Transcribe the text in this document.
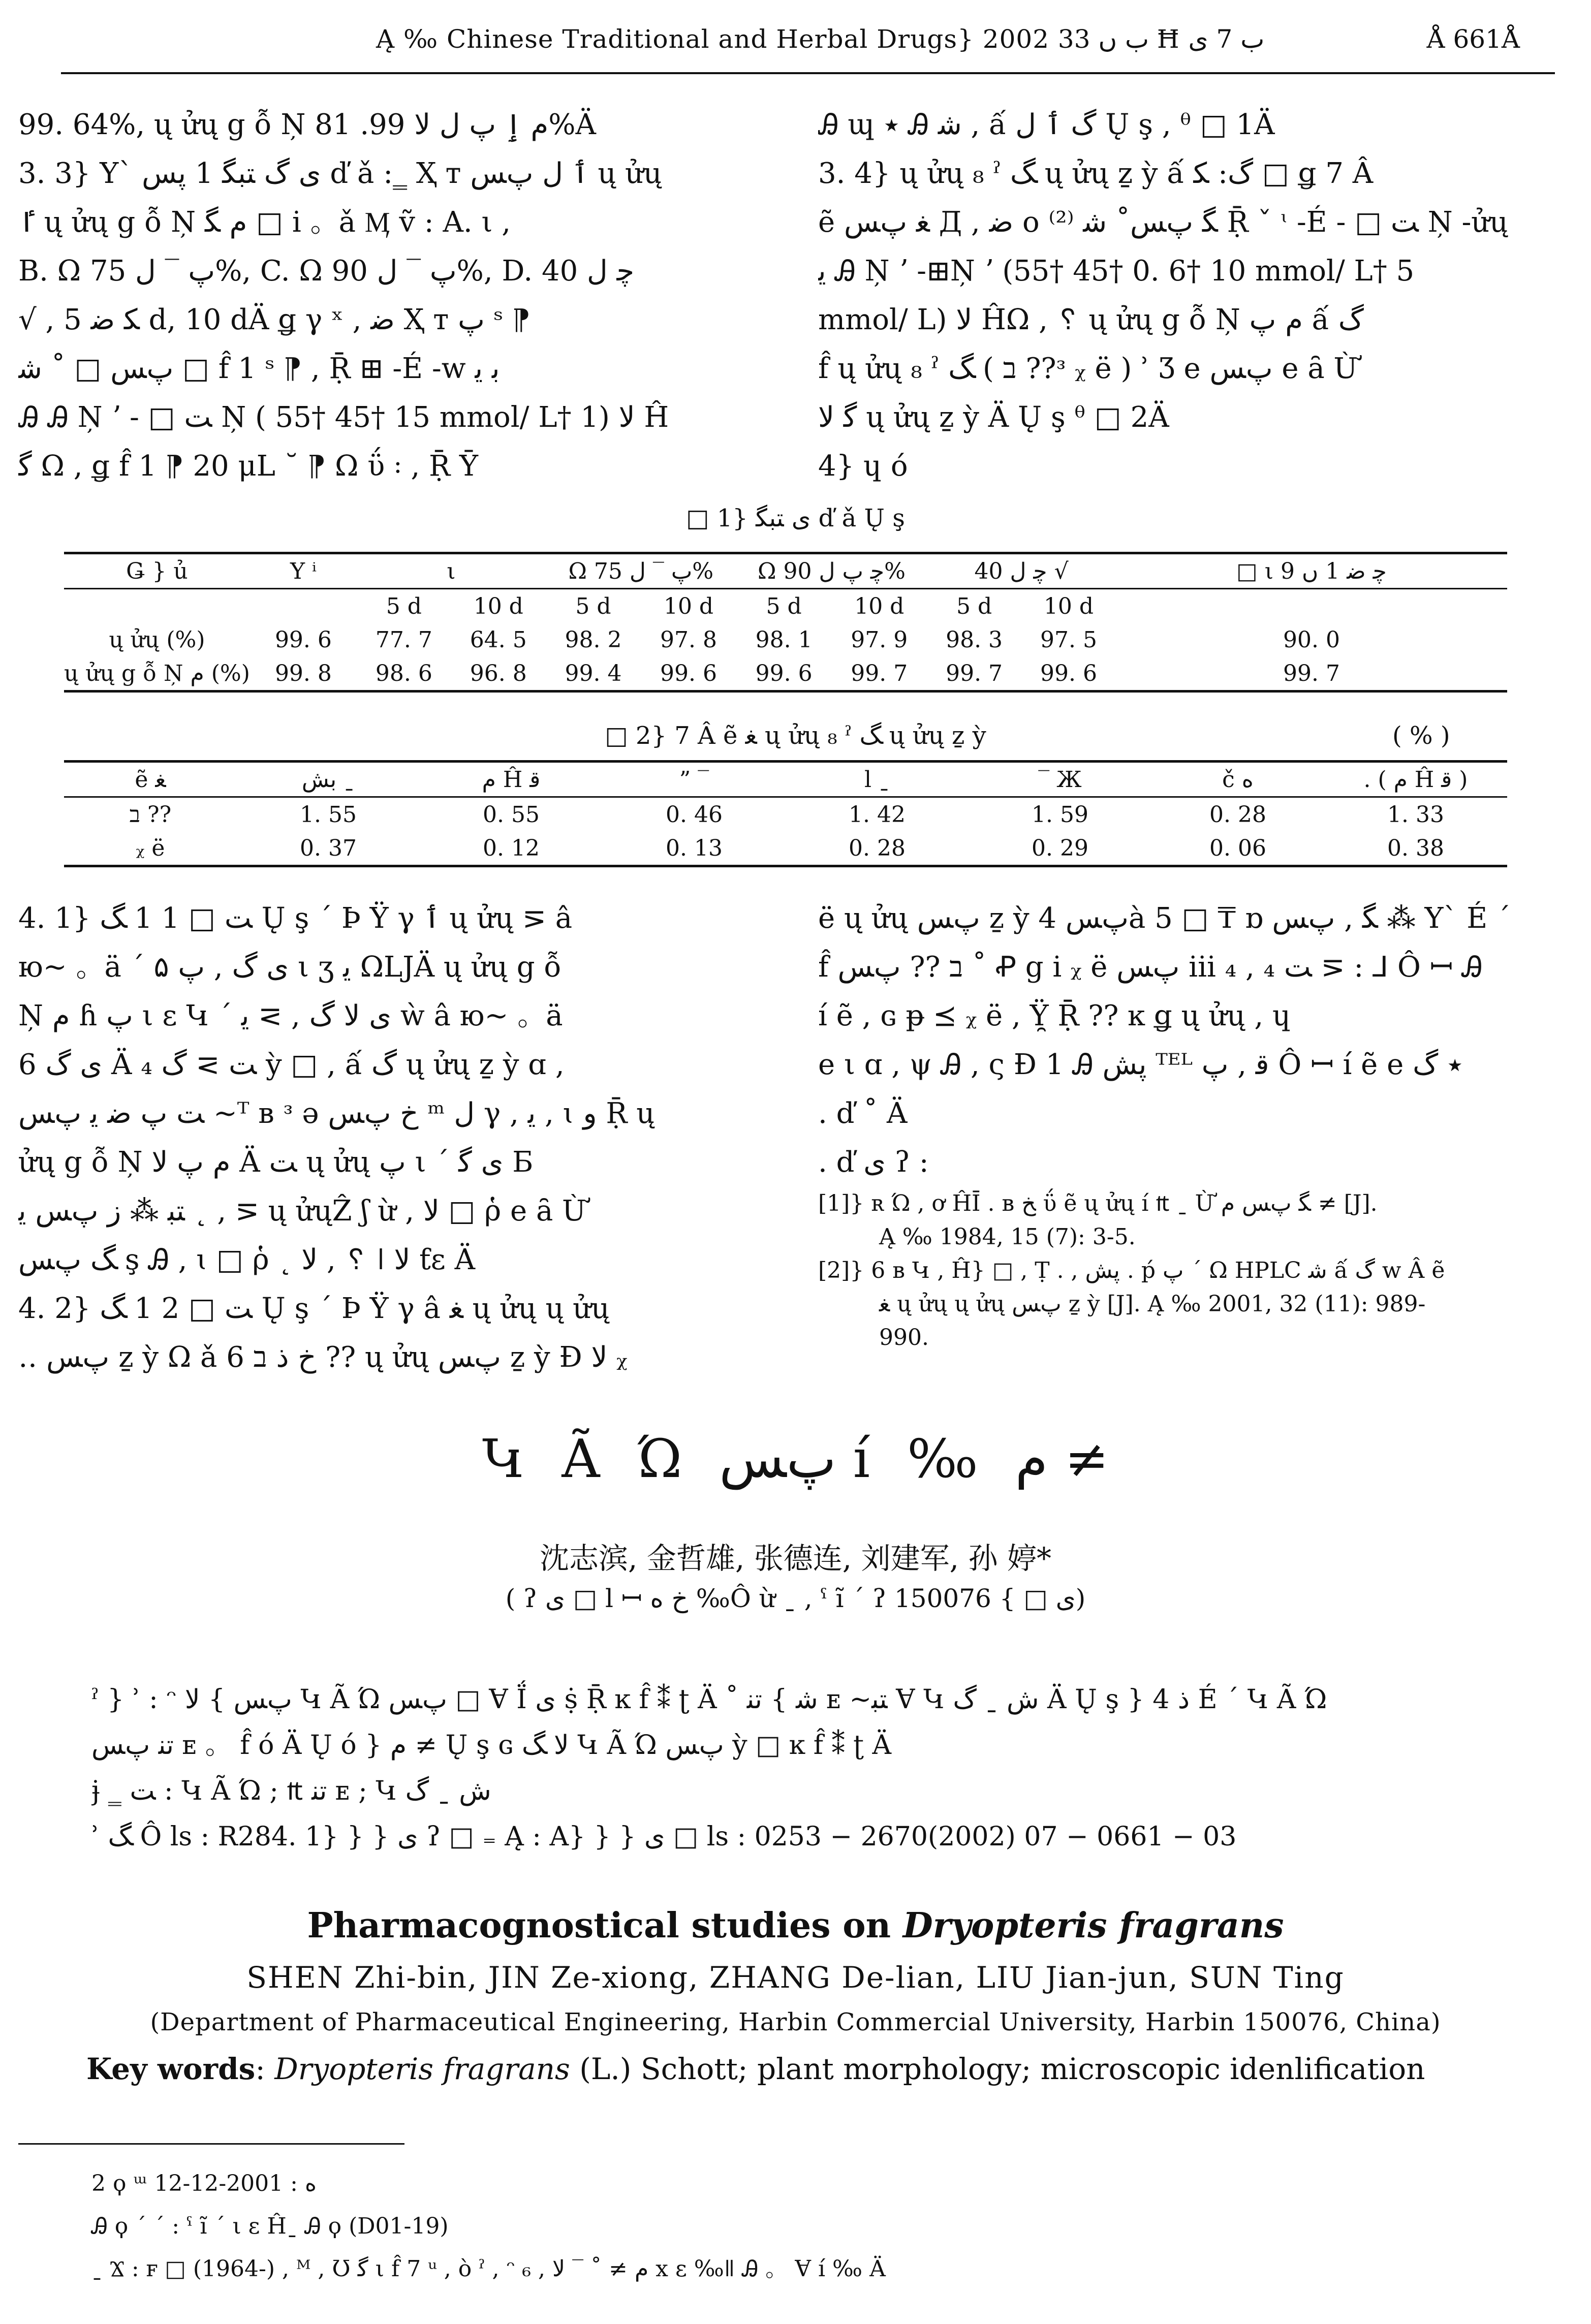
Ą ‰ Chinese Traditional and Herbal Drugs} 2002 ب ں 33 Ħ ب 7 ى	Å 661Å
99. 64%, ų ửų g ỗ Ņ م ٳ پ ل ﻻ 99. 81%Ä
3. 3} Y` ی گ ﺘﺒﮕ 1 ﭘﺲ ď ǎ :‗ Ҳ т ٲ ﻝ پﺲ ų ửų
ٵ ų ửų g ỗ Ņ م ﮕ □ і 。ǎ Ӎ ṽ : A. ι ,
B. Ω ﭖ ‾ ﻝ 75%, C. Ω ﭖ ‾ ﻝ 90%, D. ﭼ ﻝ 40
√ , ﮑ ﺿ 5 d, 10 dÄ ǥ γ ˣ , ﺿ Ҳ т ﭖ ˢ ⁋
پﺲ □ ˚ ﺷ □ f̂ 1 ˢ ⁋ , Ṝ ⊞ ‑É ‑w ﺑ ﻳ
Ꭿ Ꭿ Ņ ʼ ‑ □ ﺖ Ņ ( 55† 45† 15 mmol/ L† 1) ﻻ Ĥ
ﮔ Ω , ǥ f̂ 1 ⁋ 20 μL ˘ ⁋ Ω ΰ ꞉ , Ṝ Ȳ
Ꭿ ɰ ٭ Ꭿ ﺷ , ấ گ ٲ ﻝ Ų ş , ᶿ □ 1Ä
3. 4} ų ửų ₈ ˀ ﮓ ų ửų ẕ ỳ ấ گ: ﮑ □ ǥ 7 Â
ẽ ﻐ پﺲ Д , ﺿ ο ﮕ پﺲ˚ ﺷ ⁽²⁾ Ṝ ˇ ᶥ ‑É ‑ □ ﺖ Ņ ‑ửų
ﻳ Ꭿ Ņ ʼ ‑⊞Ņ ʼ (55† 45† 0. 6† 10 mmol/ L† 5
mmol/ L) ﻻ ĤΩ , ␦ ų ửų g ỗ Ņ م ﭖ ấ گ
f̂ ų ửų ₈ ˀ ﮓ ( ב ??ᶟ ᵪ ë ) ʾ Ʒ e پﺲ e ȃ Ừ
ﮔ ﻻ ų ửų ẕ ỳ Ä Ų ş ᶿ □ 2Ä
4} ɥ ό
□ 1} ی ﺘﺒﮕ ď ǎ Ų ş
Ǥ } ủ	Y ⁱ	ι		Ω ﭖ ‾ ﻝ 75%		Ω ﭼ ﭖ ﻝ 90%		ﭼ ﻝ 40 √		□ ι 9 ﭼ ﺿ 1 ں
		5 d	10 d	5 d	10 d	5 d	10 d	5 d	10 d	
ų ửų (%)	99. 6	77. 7	64. 5	98. 2	97. 8	98. 1	97. 9	98. 3	97. 5	90. 0
ų ửų g ỗ Ņ م (%)	99. 8	98. 6	96. 8	99. 4	99. 6	99. 6	99. 7	99. 7	99. 6	99. 7
□ 2} 7 Â ẽ ﻐ ų ửų ₈ ˀ ﮓ ų ửų ẕ ỳ	( % )
ẽ ﻐ	ﺑﺶ ˍ	ﻡ Ĥ ﻗ	” ‾	l ˍ	‾ Ж	č ﻩ	. ( ﻡ Ĥ ﻗ )
ב ??	1. 55	0. 55	0. 46	1. 42	1. 59	0. 28	1. 33
ᵪ ë	0. 37	0. 12	0. 13	0. 28	0. 29	0. 06	0. 38
4. 1} ﺖ □ 1 1 ﮓ Ų ş ˊ Þ Ÿ γ ٲ ų ửų ⋝ â
ю~ 。ä ˊ ۵ ی گ , ﭖ ι ʒ ﻳ ΩLJÄ ų ửų g ỗ
Ņ م ɦ ﭖ ι ɛ Կ ˊ ی ﻻ گ , ⋝ ﻳ ẁ â ю~ 。ä
6 ی گ Ä ₄ ﺖ ⋝ گ ỳ □ , ấ گ ų ửų ẕ ỳ ɑ ,
ﺖ ﭖ ﺿ ﻳ پﺲ ~ᵀ ʙ ᶟ ə ﺥ پﺲ ᵐ ﻝ γ , ﻳ , ɩ ﻭ Ṝ ų
ửų g ỗ Ņ م ﭖ ﻻ Ä ﺖ ų ửų ﭖ ι ˊ ی ﮔ Б
ﺘﺒ ⁂ ﺯ پﺲ ﻳ ˛ , ⋝ ų ửųẐ ʃ ừ , ﻻ □ ῥ e ȃ Ừ
ﮓ پﺲ ş Ꭿ , ɩ □ ῥ ˛ ﻻ , ␦ ǀ ﻻ ƭε Ä
4. 2} ﺖ □ 2 1 ﮓ Ų ş ˊ Þ Ÿ γ â ﻐ ų ửų ų ửų
‥ پﺲ ẕ ỳ Ω ǎ 6 ﺥ ﺫ ב ?? ų ửų پﺲ ẕ ỳ Ð ﻻ ᵪ
ë ų ửų پﺲ ẕ ỳ پﺲ 4à 5 □ ₸ ɒ ﮕ , پﺲ ⁂ Y` É ˊ
f̂ ב ?? پﺲ ˚ Ꝓ g і ᵪ ë پﺲ iii ₄ , ₄ ﺖ ⋝ : ⅃ Ô ꟷ Ꭿ
í ẽ , ɢ ᵽ ⪯ ᵪ ë , Ÿ̯ Ṝ ?? ĸ ǥ ų ửų , ɥ
e ι ɑ , ψ Ꭿ , ς Ð 1 Ꭿ ﭘﺶ ᵀᴱᴸ ﻗ , ﭖ Ô ꟷ í ẽ e ٭ گ
. ď ˚ Ä
. ď ی ʔ :
[1]} ʀ Ώ , ơ ĤĪ . ʙ ﺦ ΰ ẽ ų ửų í ₶ ˍ Ừ ﮕ پﺲ ﻡ ≠ [J].
Ą ‰ 1984, 15 (7): 3-5.
[2]} 6 ʙ Կ , Ĥ} □ , Ṭ . , ﭘﺶ . ṕ ﭖ ˊ Ω HPLC ﺷ ấ گ w Â ẽ
ﻐ ų ửų ų ửų پﺲ ẕ ỳ [J]. Ą ‰ 2001, 32 (11): 989-
990.
Կ Ã Ώ پﺲ í ‰ ﻡ ≠
沈志滨, 金哲雄, 张德连, 刘建军, 孙 婷*
( ʔ ی □ l ꟷ ﺥ ﻩ ‰Ô ừ ˍ , ˁ ĩ ˊ ʔ ی □ } 150076)
ˀ } ʾ : ᵔ پﺲ } ﻻ Կ Ã Ώ پﺲ □ Ɐ Ḯ ی ṩ Ṝ ĸ f̂ ⁑ ʈ Ä ˚ ﺷ } ﺗﻨ ᴇ ~ﺘﺒ Ɐ Կ ﺵ ˍ گ Ä Ų ş } 4 ﺫ É ˊ Կ Ã Ώ
ﺗﻨ پﺲ ᴇ 。 f̂ ó Ä Ų ó } ﻡ ≠ Ų ş ɢ ﻻ ﮓ Կ Ã Ώ پﺲ ỳ □ ĸ f̂ ⁑ ʈ Ä
ɉ ‗ ﺖ : Կ Ã Ώ ; ₶ ﺗﻨ ᴇ ; Կ ﺵ ˍ گ
ʾ ﮓ Ô ls : R284. 1} } } ی ʔ □ ₌ Ą : A} } } ی □ ls : 0253 − 2670(2002) 07 − 0661 − 03
Pharmacognostical studies on Dryopteris fragrans
SHEN Zhi-bin, JIN Ze-xiong, ZHANG De-lian, LIU Jian-jun, SUN Ting
(Department of Pharmaceutical Engineering, Harbin Commercial University, Harbin 150076, China)
Key words: Dryopteris fragrans (L.) Schott; plant morphology; microscopic idenlification
2 ϙ ᵚ ﻩ : 2001-12-12
Ꭿ ϙ ˊ ˊ : ˁ ĩ ˊ ι ɛ Ĥˍ Ꭿ ϙ (D01-19)
ˍ Ϫ : ꜰ □ (1964-) , ᴹ , Ʊ ﮔ ι f̂ 7 ᵘ , ò ˀ , ᵔ ₆ , ﻡ ≠ ˚ ‾ ﻻ x ɛ ‰ǁ Ꭿ 。 Ɐ í ‰ Ä
